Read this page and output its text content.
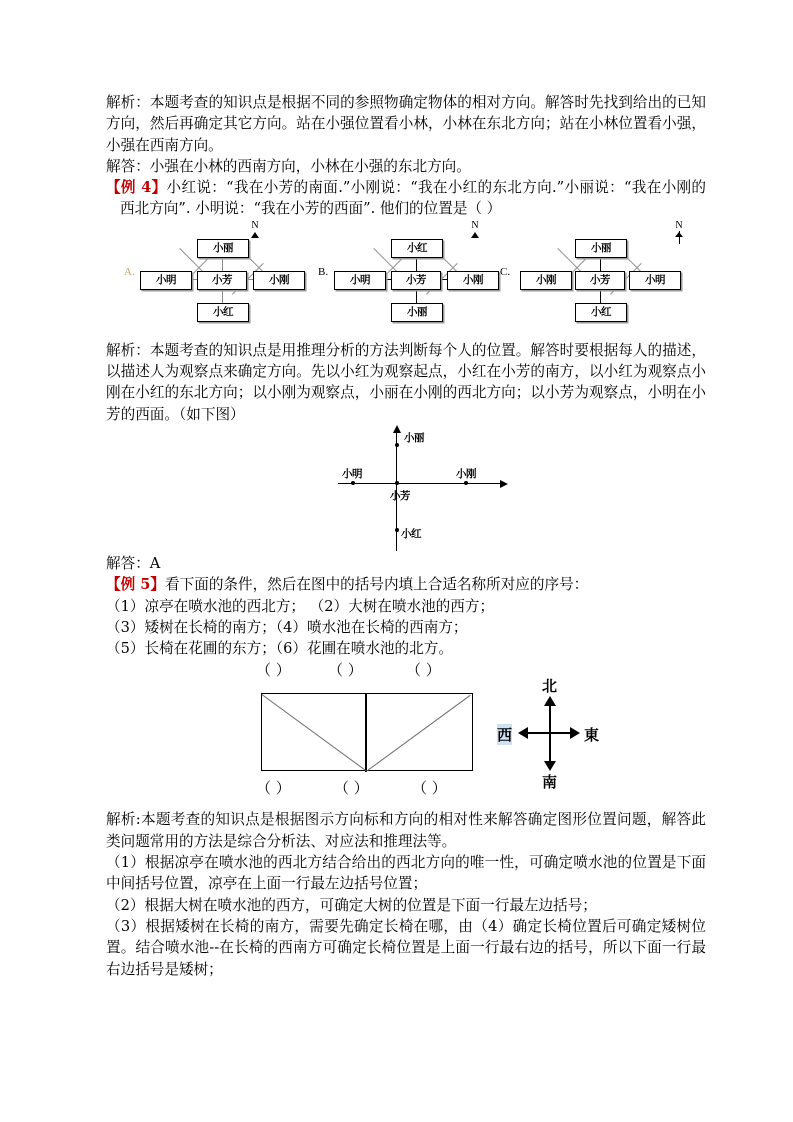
解析：本题考查的知识点是根据不同的参照物确定物体的相对方向。解答时先找到给出的已知方向，然后再确定其它方向。站在小强位置看小林，小林在东北方向；站在小林位置看小强，小强在西南方向。

解答：小强在小林的西南方向，小林在小强的东北方向。

【例 4】小红说：“我在小芳的南面.”小刚说：“我在小红的东北方向.”小丽说：“我在小刚的西北方向”. 小明说：“我在小芳的西面”. 他们的位置是（ ）

A.
N
小丽
小明	小芳	小刚
小红
B.
N
小红
小明	小芳	小刚
小丽
C.
N
小丽
小刚	小芳	小明
小红

解析：本题考查的知识点是用推理分析的方法判断每个人的位置。解答时要根据每人的描述，以描述人为观察点来确定方向。先以小红为观察起点，小红在小芳的南方，以小红为观察点小刚在小红的东北方向；以小刚为观察点，小丽在小刚的西北方向；以小芳为观察点，小明在小芳的西面。（如下图）

小丽
小明	小刚
小芳
小红

解答：A

【例 5】看下面的条件，然后在图中的括号内填上合适名称所对应的序号：

（1）凉亭在喷水池的西北方； （2）大树在喷水池的西方；

（3）矮树在长椅的南方；（4）喷水池在长椅的西南方；

（5）长椅在花圃的东方；（6）花圃在喷水池的北方。

（ ） （ ）	（ ）
（ ）	（ ）	（ ）
北
西	東
南

解析:本题考查的知识点是根据图示方向标和方向的相对性来解答确定图形位置问题，解答此类问题常用的方法是综合分析法、对应法和推理法等。

（1）根据凉亭在喷水池的西北方结合给出的西北方向的唯一性，可确定喷水池的位置是下面中间括号位置，凉亭在上面一行最左边括号位置；

（2）根据大树在喷水池的西方，可确定大树的位置是下面一行最左边括号；

（3）根据矮树在长椅的南方，需要先确定长椅在哪，由（4）确定长椅位置后可确定矮树位置。结合喷水池--在长椅的西南方可确定长椅位置是上面一行最右边的括号，所以下面一行最右边括号是矮树；
